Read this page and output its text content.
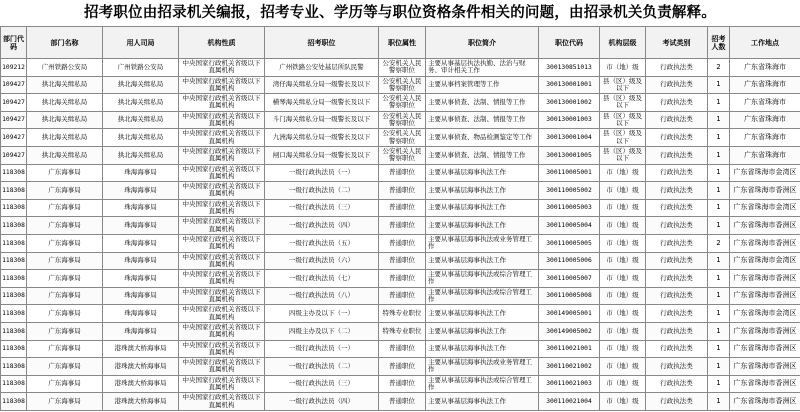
招考职位由招录机关编报，招考专业、学历等与职位资格条件相关的问题，由招录机关负责解释。
部门代码	部门名称	用人司局	机构性质	招考职位	职位属性	职位简介	职位代码	机构层级	考试类别	招考人数	工作地点
109212	广州铁路公安局	广州铁路公安局	中央国家行政机关省级以下直属机构	广州铁路公安处基层所队民警	公安机关人民警察职位	主要从事基层执法执勤、法治与财务、审计相关工作	300130851013	市（地）级	行政执法类	2	广东省珠海市
109427	拱北海关缉私局	拱北海关缉私局	中央国家行政机关省级以下直属机构	湾仔海关缉私分局一级警长及以下	公安机关人民警察职位	主要从事档案管理等工作	300130001001	县（区）级及以下	行政执法类	1	广东省珠海市
109427	拱北海关缉私局	拱北海关缉私局	中央国家行政机关省级以下直属机构	横琴海关缉私分局一级警长及以下	公安机关人民警察职位	主要从事侦查、法制、情报等工作	300130001002	县（区）级及以下	行政执法类	1	广东省珠海市
109427	拱北海关缉私局	拱北海关缉私局	中央国家行政机关省级以下直属机构	斗门海关缉私分局一级警长及以下	公安机关人民警察职位	主要从事侦查、法制、情报等工作	300130001003	县（区）级及以下	行政执法类	1	广东省珠海市
109427	拱北海关缉私局	拱北海关缉私局	中央国家行政机关省级以下直属机构	九洲海关缉私分局一级警长及以下	公安机关人民警察职位	主要从事侦查、物品检测鉴定等工作	300130001004	县（区）级及以下	行政执法类	1	广东省珠海市
109427	拱北海关缉私局	拱北海关缉私局	中央国家行政机关省级以下直属机构	闸口海关缉私分局一级警长及以下	公安机关人民警察职位	主要从事侦查、法制、情报等工作	300130001005	县（区）级及以下	行政执法类	1	广东省珠海市
118308	广东海事局	珠海海事局	中央国家行政机关省级以下直属机构	一级行政执法员（一）	普通职位	主要从事基层海事执法工作	300110005001	市（地）级	行政执法类	1	广东省珠海市金湾区
118308	广东海事局	珠海海事局	中央国家行政机关省级以下直属机构	一级行政执法员（二）	普通职位	主要从事基层海事执法工作	300110005002	市（地）级	行政执法类	1	广东省珠海市香洲区
118308	广东海事局	珠海海事局	中央国家行政机关省级以下直属机构	一级行政执法员（三）	普通职位	主要从事基层海事执法工作	300110005003	市（地）级	行政执法类	1	广东省珠海市金湾区
118308	广东海事局	珠海海事局	中央国家行政机关省级以下直属机构	一级行政执法员（四）	普通职位	主要从事基层海事执法工作	300110005004	市（地）级	行政执法类	1	广东省珠海市香洲区
118308	广东海事局	珠海海事局	中央国家行政机关省级以下直属机构	一级行政执法员（五）	普通职位	主要从事基层海事执法或业务管理工作	300110005005	市（地）级	行政执法类	2	广东省珠海市香洲区
118308	广东海事局	珠海海事局	中央国家行政机关省级以下直属机构	一级行政执法员（六）	普通职位	主要从事基层海事执法工作	300110005006	市（地）级	行政执法类	1	广东省珠海市金湾区
118308	广东海事局	珠海海事局	中央国家行政机关省级以下直属机构	一级行政执法员（七）	普通职位	主要从事基层海事执法或综合管理工作	300110005007	市（地）级	行政执法类	1	广东省珠海市香洲区
118308	广东海事局	珠海海事局	中央国家行政机关省级以下直属机构	一级行政执法员（八）	普通职位	主要从事基层海事执法或综合管理工作	300110005008	市（地）级	行政执法类	1	广东省珠海市香洲区
118308	广东海事局	珠海海事局	中央国家行政机关省级以下直属机构	四级主办及以下（一）	特殊专业职位	主要从事基层海事执法工作	300149005001	市（地）级	行政执法类	1	广东省珠海市金湾区
118308	广东海事局	珠海海事局	中央国家行政机关省级以下直属机构	四级主办及以下（二）	特殊专业职位	主要从事基层海事执法工作	300149005002	市（地）级	行政执法类	1	广东省珠海市香洲区
118308	广东海事局	港珠澳大桥海事局	中央国家行政机关省级以下直属机构	一级行政执法员（一）	普通职位	主要从事基层海事执法工作	300110021001	市（地）级	行政执法类	1	广东省珠海市香洲区
118308	广东海事局	港珠澳大桥海事局	中央国家行政机关省级以下直属机构	一级行政执法员（二）	普通职位	主要从事基层海事执法或业务管理工作	300110021002	市（地）级	行政执法类	1	广东省珠海市香洲区
118308	广东海事局	港珠澳大桥海事局	中央国家行政机关省级以下直属机构	一级行政执法员（三）	普通职位	主要从事基层海事执法或综合管理工作	300110021003	市（地）级	行政执法类	1	广东省珠海市香洲区
118308	广东海事局	港珠澳大桥海事局	中央国家行政机关省级以下直属机构	一级行政执法员（四）	普通职位	主要从事基层海事执法工作	300110021004	市（地）级	行政执法类	1	广东省珠海市香洲区
